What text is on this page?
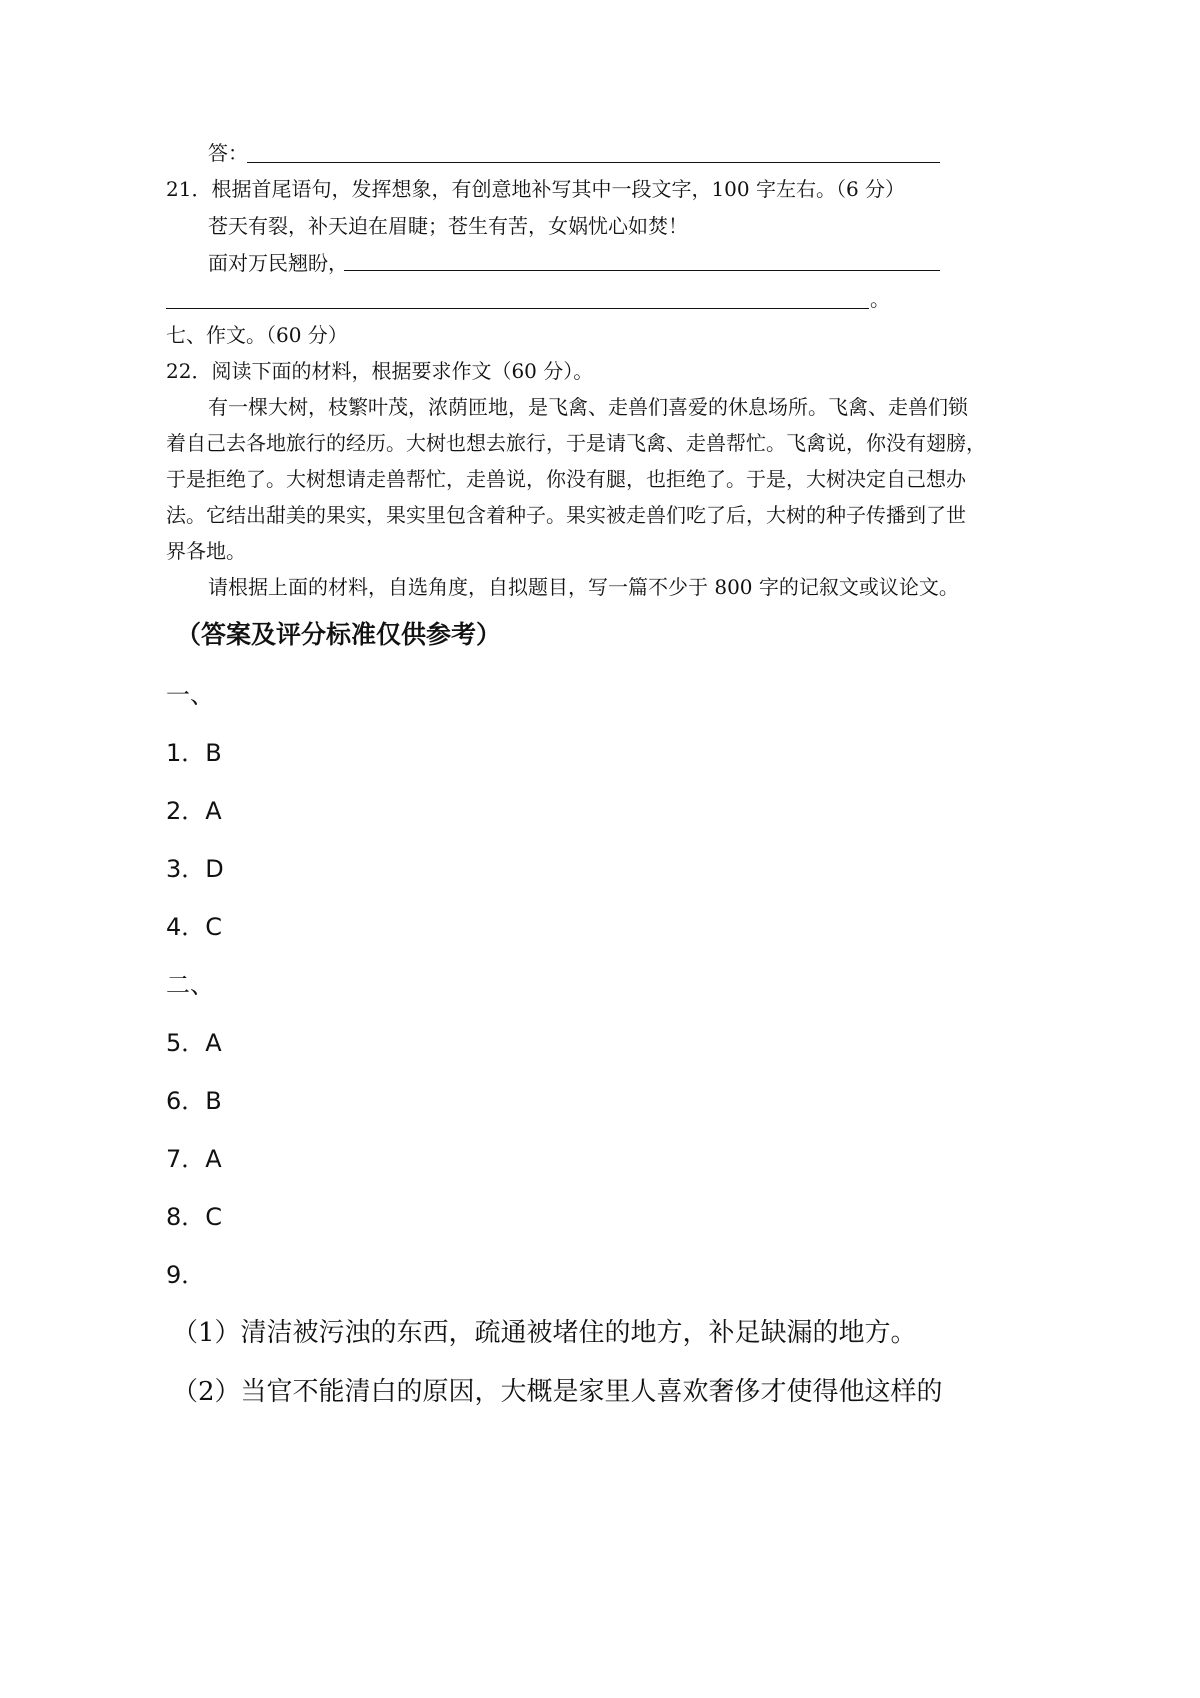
答：
21．根据首尾语句，发挥想象，有创意地补写其中一段文字，100 字左右。（6 分）
苍天有裂，补天迫在眉睫；苍生有苦，女娲忧心如焚！
面对万民翘盼，
。
七、作文。（60 分）
22．阅读下面的材料，根据要求作文（60 分）。
有一棵大树，枝繁叶茂，浓荫匝地，是飞禽、走兽们喜爱的休息场所。飞禽、走兽们锁
着自己去各地旅行的经历。大树也想去旅行，于是请飞禽、走兽帮忙。飞禽说，你没有翅膀，
于是拒绝了。大树想请走兽帮忙，走兽说，你没有腿，也拒绝了。于是，大树决定自己想办
法。它结出甜美的果实，果实里包含着种子。果实被走兽们吃了后，大树的种子传播到了世
界各地。
请根据上面的材料，自选角度，自拟题目，写一篇不少于 800 字的记叙文或议论文。
（答案及评分标准仅供参考）
一、
1．B
2．A
3．D
4．C
二、
5．A
6．B
7．A
8．C
9．
（1）清洁被污浊的东西，疏通被堵住的地方，补足缺漏的地方。
（2）当官不能清白的原因，大概是家里人喜欢奢侈才使得他这样的
